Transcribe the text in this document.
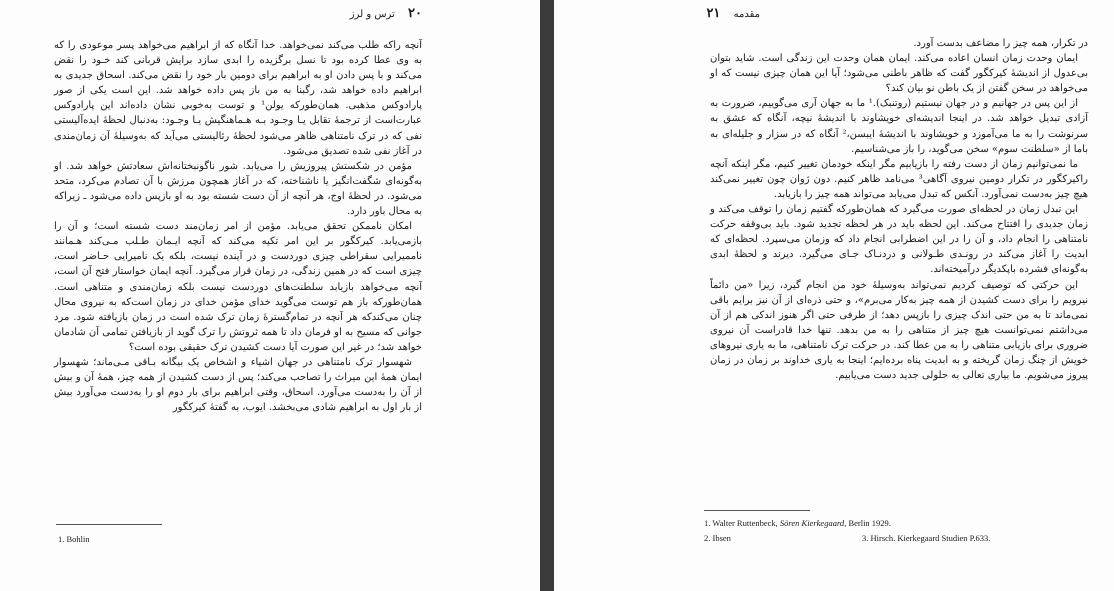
۲۰ ترس و لرز

آنچه راکه طلب می‌کند نمی‌خواهد. خدا آنگاه که از ابراهیم می‌خواهد پسر موعودی را که به وی عطا کرده بود تا نسل برگزیده را ابدی سازد برایش قربانی کند خـود را نقض می‌کند و با پس دادن او به ابراهیم برای دومین بار خود را نقض می‌کند. اسحاق جدیدی به ابراهیم داده خواهد شد، رگبنا به من باز پس داده خواهد شد. این است یکی از صور پارادوکس مذهبی. همان‌طورکه یولن¹ و توست به‌خوبی نشان داده‌اند این پارادوکس عبارت‌است از ترجمهٔ تقابل یـا وجـود بـه هـماهنگیش یـا وجـود: به‌دنبال لحظهٔ ایده‌آلیستی نفی که در ترک نامتناهی ظاهر می‌شود لحظهٔ رئالیستی می‌آید که به‌وسیلهٔ آن زمان‌مندی در آغاز نفی شده تصدیق می‌شود.

مؤمن در شکستش پیروزیش را می‌یابد. شور ناگونبختانه‌اش سعادتش خواهد شد. او به‌گونه‌ای شگفت‌انگیز یا ناشناخته، که در آغاز همچون مرزش با آن تصادم می‌کرد، متحد می‌شود. در لحظهٔ اوج، هر آنچه از آن دست شسته بود به او بازپس داده می‌شود ـ زیراکه به محال باور دارد.

امکان ناممکن تحقق می‌یابد. مؤمن از امر زمان‌مند دست شسته است؛ و آن را بازمی‌یابد. کیرکگور بر این امر تکیه می‌کند که آنچه ایـمان طـلب مـی‌کند هـمانند ناممیرایی سقراطی چیزی دوردست و در آینده نیست، بلکه یک نامیرایی حـاضر است، چیزی است که در همین زندگی، در زمان قرار می‌گیرد. آنچه ایمان خواستار فتح آن است، آنچه می‌خواهد بازیابد سلطنت‌های دوردست نیست بلکه زمان‌مندی و متناهی است. همان‌طورکه باز هم توست می‌گوید خدای مؤمن خدای در زمان است‌که به نیروی محال چنان می‌کندکه هر آنچه در تمام‌گسترهٔ زمان ترک شده است در زمان بازیافته شود. مرد جوانی که مسیح به او فرمان داد تا همه ثروتش را ترک گوید از بازیافتن تمامی آن شادمان خواهد شد؛ در غیر این صورت آیا دست کشیدن ترک حقیقی بوده است؟

شهسوار ترک نامتناهی در جهان اشیاء و اشخاص یک بیگانه بـاقی مـی‌ماند؛ شهسوار ایمان همهٔ این میراث را تصاحب می‌کند؛ پس از دست کشیدن از همه چیز، همهٔ آن و بیش از آن را به‌دست می‌آورد. اسحاق، وقتی ابراهیم برای بار دوم او را به‌دست می‌آورد بیش از بار اول به ابراهیم شادی می‌بخشد. ایوب، به گفتهٔ کیرکگور

1. Bohlin
مقدمه ۲۱

در تکرار، همه چیز را مضاعف بدست آورد.

ایمان وحدت زمان انسان اعاده می‌کند. ایمان همان وحدت این زندگی است. شاید بتوان بی‌عدول از اندیشهٔ کیرکگور گفت که ظاهر باطنی می‌شود؛ آیا این همان چیزی نیست که او می‌خواهد در سخن گفتن از یک باطن نو بیان کند؟

از این پس در جهانیم و در جهان نیستیم (روتنبک).¹ ما به جهان آری می‌گوییم، ضرورت به آزادی تبدیل خواهد شد. در اینجا اندیشه‌ای خویشاوند با اندیشهٔ نیچه، آنگاه که عشق به سرنوشت را به ما می‌آموزد و خویشاوند با اندیشهٔ ایبسن،² آنگاه که در سزار و جلیله‌ای به باما از «سلطنت سوم» سخن می‌گوید، را باز می‌شناسیم.

ما نمی‌توانیم زمان از دست رفته را بازیابیم مگر اینکه خودمان تغییر کنیم، مگر اینکه آنچه راکیرکگور در تکرار دومین نیروی آگاهی³ می‌نامد ظاهر کنیم. دون ژوان چون تغییر نمی‌کند هیچ چیز به‌دست نمی‌آورد. آنکس که تبدل می‌یابد می‌تواند همه چیز را بازیابد.

این تبدل زمان در لحظه‌ای صورت می‌گیرد که همان‌طورکه گفتیم زمان را توقف می‌کند و زمان جدیدی را افتتاح می‌کند. این لحظه باید در هر لحظه تجدید شود. باید بی‌وقفه حرکت نامتناهی را انجام داد، و آن را در این اضطرابی انجام داد که وزمان می‌سپرد. لحظه‌ای که ابدیت را آغاز می‌کند در رونـدی طـولانی و دردنـاک جـای می‌گیرد. دیرند و لحظهٔ ابدی به‌گونه‌ای فشرده باپکدیگر درآمیخته‌اند.

این حرکتی که توصیف کردیم نمی‌تواند به‌وسیلهٔ خود من انجام گیرد، زیرا «من دائماً نیرویم را برای دست کشیدن از همه چیز به‌کار می‌برم»، و حتی ذره‌ای از آن نیز برایم باقی نمی‌ماند تا به من حتی اندک چیزی را بازپس دهد؛ از طرفی حتی اگر هنوز اندکی هم از آن می‌داشتم نمی‌توانست هیچ چیز از متناهی را به من بدهد. تنها خدا قادراست آن نیروی ضروری برای بازیابی متناهی را به من عطا کند. در حرکت ترک نامتناهی، ما به یاری نیروهای خویش از چنگ زمان گریخته و به ابدیت پناه برده‌ایم؛ اینجا به یاری خداوند بر زمان در زمان پیروز می‌شویم. ما بیاری تعالی به حلولی جدید دست می‌یابیم.

1. Walter Ruttenbeck, Sören Kierkegaard, Berlin 1929.
2. Ibsen	3. Hirsch. Kierkegaard Studien P.633.
